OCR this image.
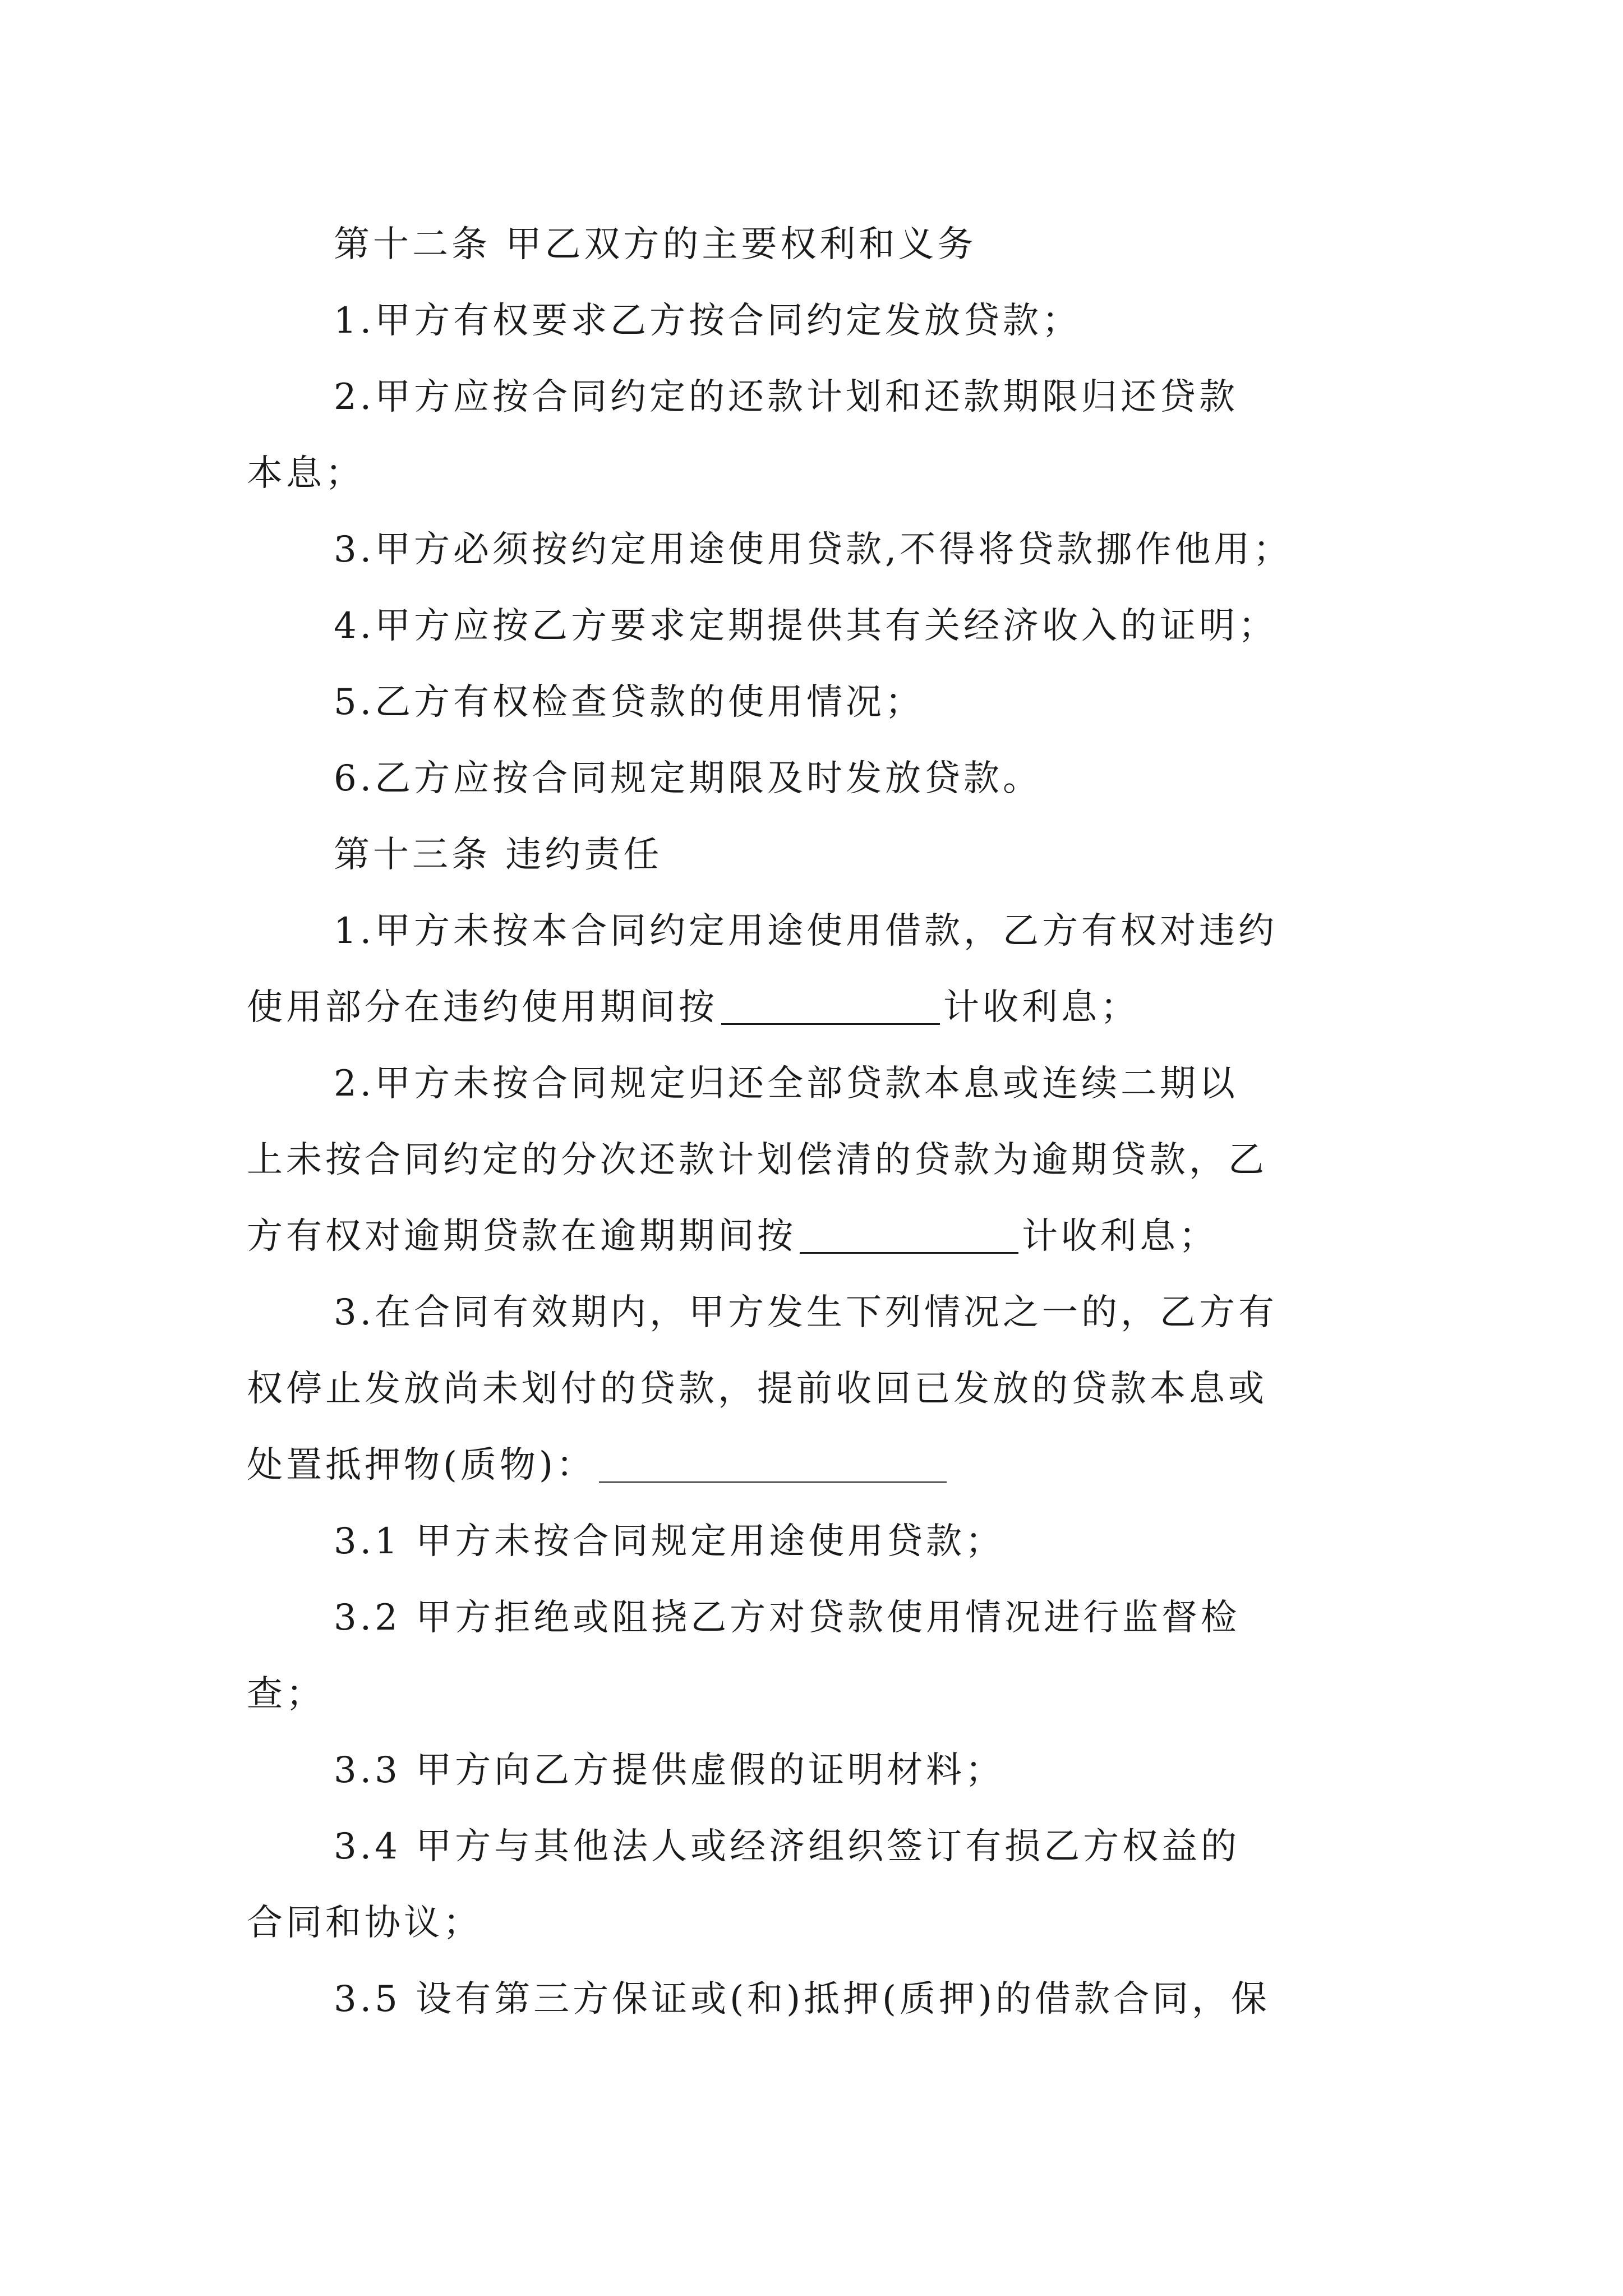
第十二条 甲乙双方的主要权利和义务
1.甲方有权要求乙方按合同约定发放贷款；
2.甲方应按合同约定的还款计划和还款期限归还贷款
本息；
3.甲方必须按约定用途使用贷款,不得将贷款挪作他用；
4.甲方应按乙方要求定期提供其有关经济收入的证明；
5.乙方有权检查贷款的使用情况；
6.乙方应按合同规定期限及时发放贷款。
第十三条 违约责任
1.甲方未按本合同约定用途使用借款，乙方有权对违约
使用部分在违约使用期间按	计收利息；
2.甲方未按合同规定归还全部贷款本息或连续二期以
上未按合同约定的分次还款计划偿清的贷款为逾期贷款，乙
方有权对逾期贷款在逾期期间按	计收利息；
3.在合同有效期内，甲方发生下列情况之一的，乙方有
权停止发放尚未划付的贷款，提前收回已发放的贷款本息或
处置抵押物(质物)：
3.1 甲方未按合同规定用途使用贷款；
3.2 甲方拒绝或阻挠乙方对贷款使用情况进行监督检
查；
3.3 甲方向乙方提供虚假的证明材料；
3.4 甲方与其他法人或经济组织签订有损乙方权益的
合同和协议；
3.5 设有第三方保证或(和)抵押(质押)的借款合同，保
